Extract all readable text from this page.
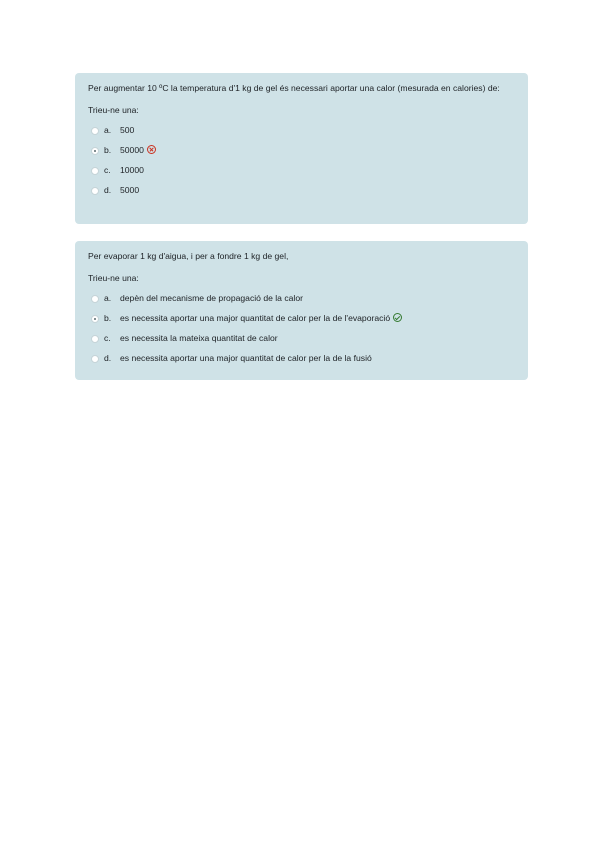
Per augmentar 10 ºC la temperatura d'1 kg de gel és necessari aportar una calor (mesurada en calories) de:

Trieu-ne una:

a. 500
b. 50000
c. 10000
d. 5000

Per evaporar 1 kg d'aigua, i per a fondre 1 kg de gel,

Trieu-ne una:

a. depèn del mecanisme de propagació de la calor
b. es necessita aportar una major quantitat de calor per la de l'evaporació
c. es necessita la mateixa quantitat de calor
d. es necessita aportar una major quantitat de calor per la de la fusió
